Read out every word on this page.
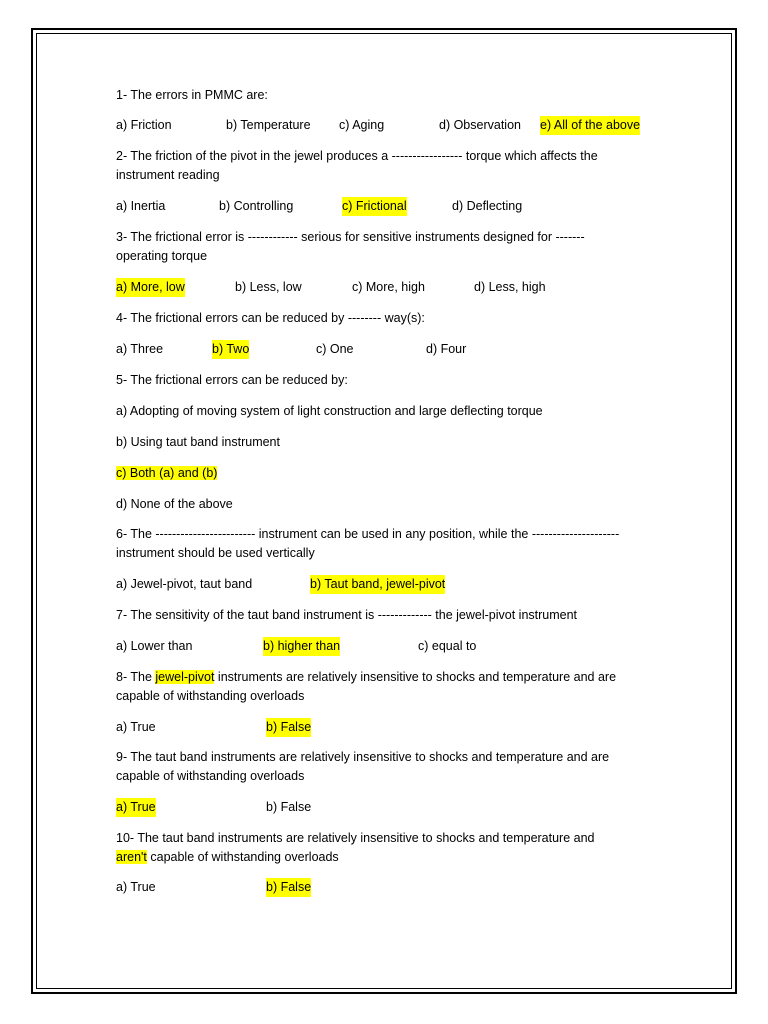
1- The errors in PMMC are:
a) Friction	b) Temperature c) Aging	d) Observation e) All of the above
2- The friction of the pivot in the jewel produces a ----------------- torque which affects the
instrument reading
a) Inertia	b) Controlling	c) Frictional	d) Deflecting
3- The frictional error is ------------ serious for sensitive instruments designed for -------
operating torque
a) More, low	b) Less, low	c) More, high	d) Less, high
4- The frictional errors can be reduced by -------- way(s):
a) Three	b) Two	c) One	d) Four
5- The frictional errors can be reduced by:
a) Adopting of moving system of light construction and large deflecting torque
b) Using taut band instrument
c) Both (a) and (b)
d) None of the above
6- The ------------------------ instrument can be used in any position, while the ---------------------
instrument should be used vertically
a) Jewel-pivot, taut band	b) Taut band, jewel-pivot
7- The sensitivity of the taut band instrument is ------------- the jewel-pivot instrument
a) Lower than	b) higher than	c) equal to
8- The jewel-pivot instruments are relatively insensitive to shocks and temperature and are
capable of withstanding overloads
a) True	b) False
9- The taut band instruments are relatively insensitive to shocks and temperature and are
capable of withstanding overloads
a) True	b) False
10- The taut band instruments are relatively insensitive to shocks and temperature and
aren't capable of withstanding overloads
a) True	b) False
